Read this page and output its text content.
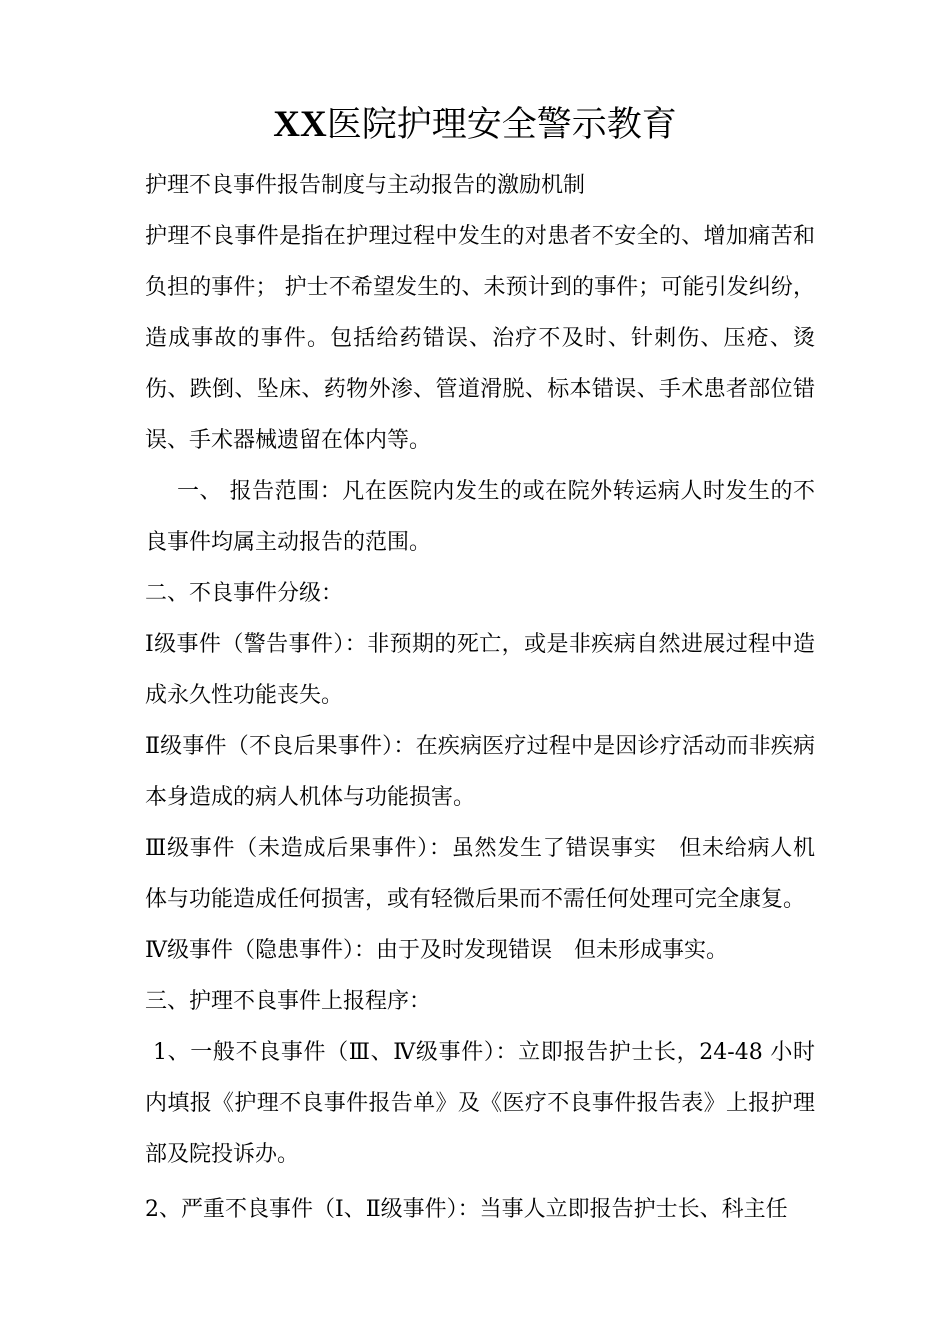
XX医院护理安全警示教育

护理不良事件报告制度与主动报告的激励机制

护理不良事件是指在护理过程中发生的对患者不安全的、增加痛苦和负担的事件； 护士不希望发生的、未预计到的事件；可能引发纠纷，造成事故的事件。包括给药错误、治疗不及时、针刺伤、压疮、烫伤、跌倒、坠床、药物外渗、管道滑脱、标本错误、手术患者部位错误、手术器械遗留在体内等。

一、 报告范围：凡在医院内发生的或在院外转运病人时发生的不良事件均属主动报告的范围。

二、不良事件分级：

Ⅰ级事件（警告事件）：非预期的死亡，或是非疾病自然进展过程中造成永久性功能丧失。

Ⅱ级事件（不良后果事件）：在疾病医疗过程中是因诊疗活动而非疾病本身造成的病人机体与功能损害。

Ⅲ级事件（未造成后果事件）：虽然发生了错误事实　但未给病人机体与功能造成任何损害，或有轻微后果而不需任何处理可完全康复。

Ⅳ级事件（隐患事件）：由于及时发现错误　但未形成事实。

三、护理不良事件上报程序：

1、一般不良事件（Ⅲ、Ⅳ级事件）：立即报告护士长，24-48 小时内填报《护理不良事件报告单》及《医疗不良事件报告表》上报护理部及院投诉办。

2、严重不良事件（Ⅰ、Ⅱ级事件）：当事人立即报告护士长、科主任
